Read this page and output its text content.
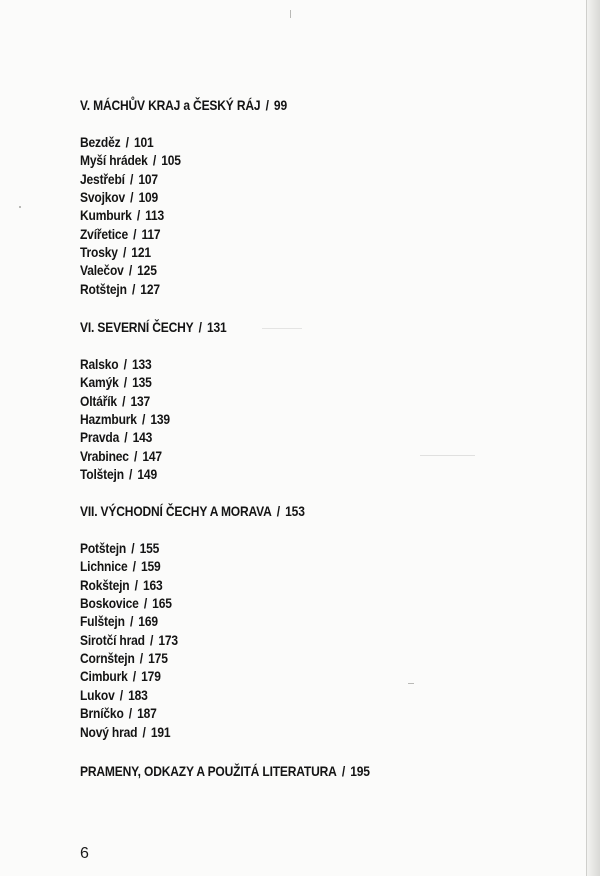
V. MÁCHŮV KRAJ a ČESKÝ RÁJ / 99
Bezděz / 101
Myší hrádek / 105
Jestřebí / 107
Svojkov / 109
Kumburk / 113
Zvířetice / 117
Trosky / 121
Valečov / 125
Rotštejn / 127
VI. SEVERNÍ ČECHY / 131
Ralsko / 133
Kamýk / 135
Oltářík / 137
Hazmburk / 139
Pravda / 143
Vrabinec / 147
Tolštejn / 149
VII. VÝCHODNÍ ČECHY A MORAVA / 153
Potštejn / 155
Lichnice / 159
Rokštejn / 163
Boskovice / 165
Fulštejn / 169
Sirotčí hrad / 173
Cornštejn / 175
Cimburk / 179
Lukov / 183
Brníčko / 187
Nový hrad / 191
PRAMENY, ODKAZY A POUŽITÁ LITERATURA / 195
6
